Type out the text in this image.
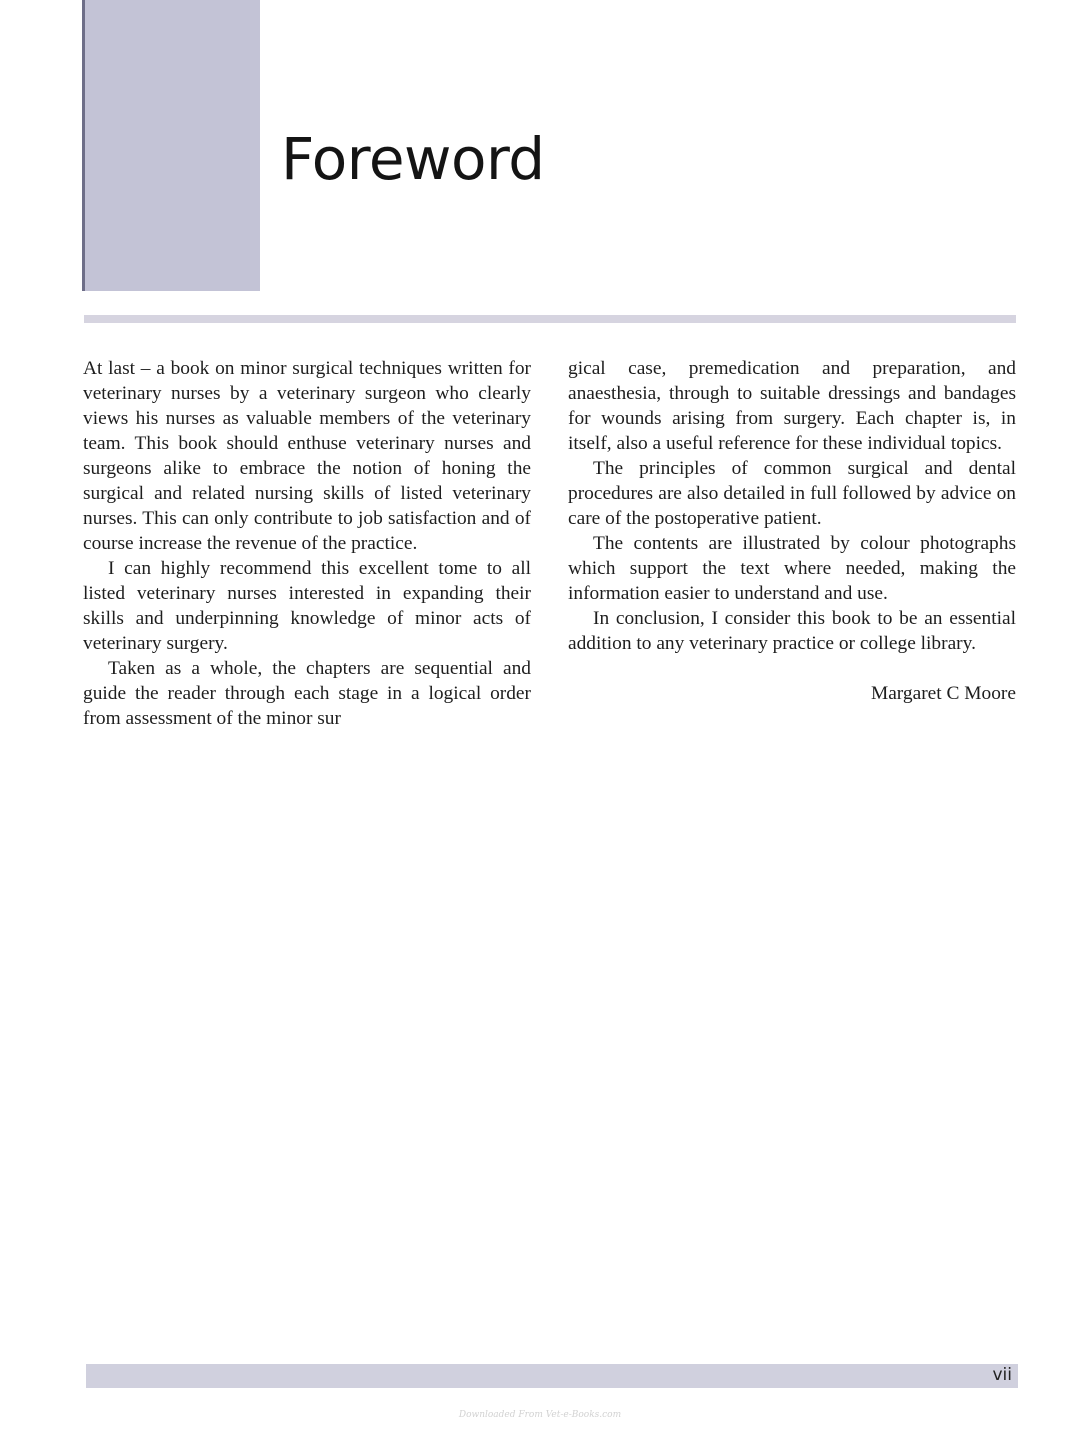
Foreword

At last – a book on minor surgical techniques written for veterinary nurses by a veterinary surgeon who clearly views his nurses as valuable members of the veterinary team. This book should enthuse veterinary nurses and surgeons alike to embrace the notion of honing the surgical and related nursing skills of listed veterinary nurses. This can only contribute to job satisfaction and of course increase the revenue of the practice.

I can highly recommend this excellent tome to all listed veterinary nurses interested in expanding their skills and underpinning knowledge of minor acts of veterinary surgery.

Taken as a whole, the chapters are sequential and guide the reader through each stage in a logical order from assessment of the minor sur

gical case, premedication and preparation, and anaesthesia, through to suitable dressings and bandages for wounds arising from surgery. Each chapter is, in itself, also a useful reference for these individual topics.

The principles of common surgical and dental procedures are also detailed in full followed by advice on care of the postoperative patient.

The contents are illustrated by colour photographs which support the text where needed, making the information easier to understand and use.

In conclusion, I consider this book to be an essential addition to any veterinary practice or college library.

Margaret C Moore

vii
Downloaded From Vet-e-Books.com
